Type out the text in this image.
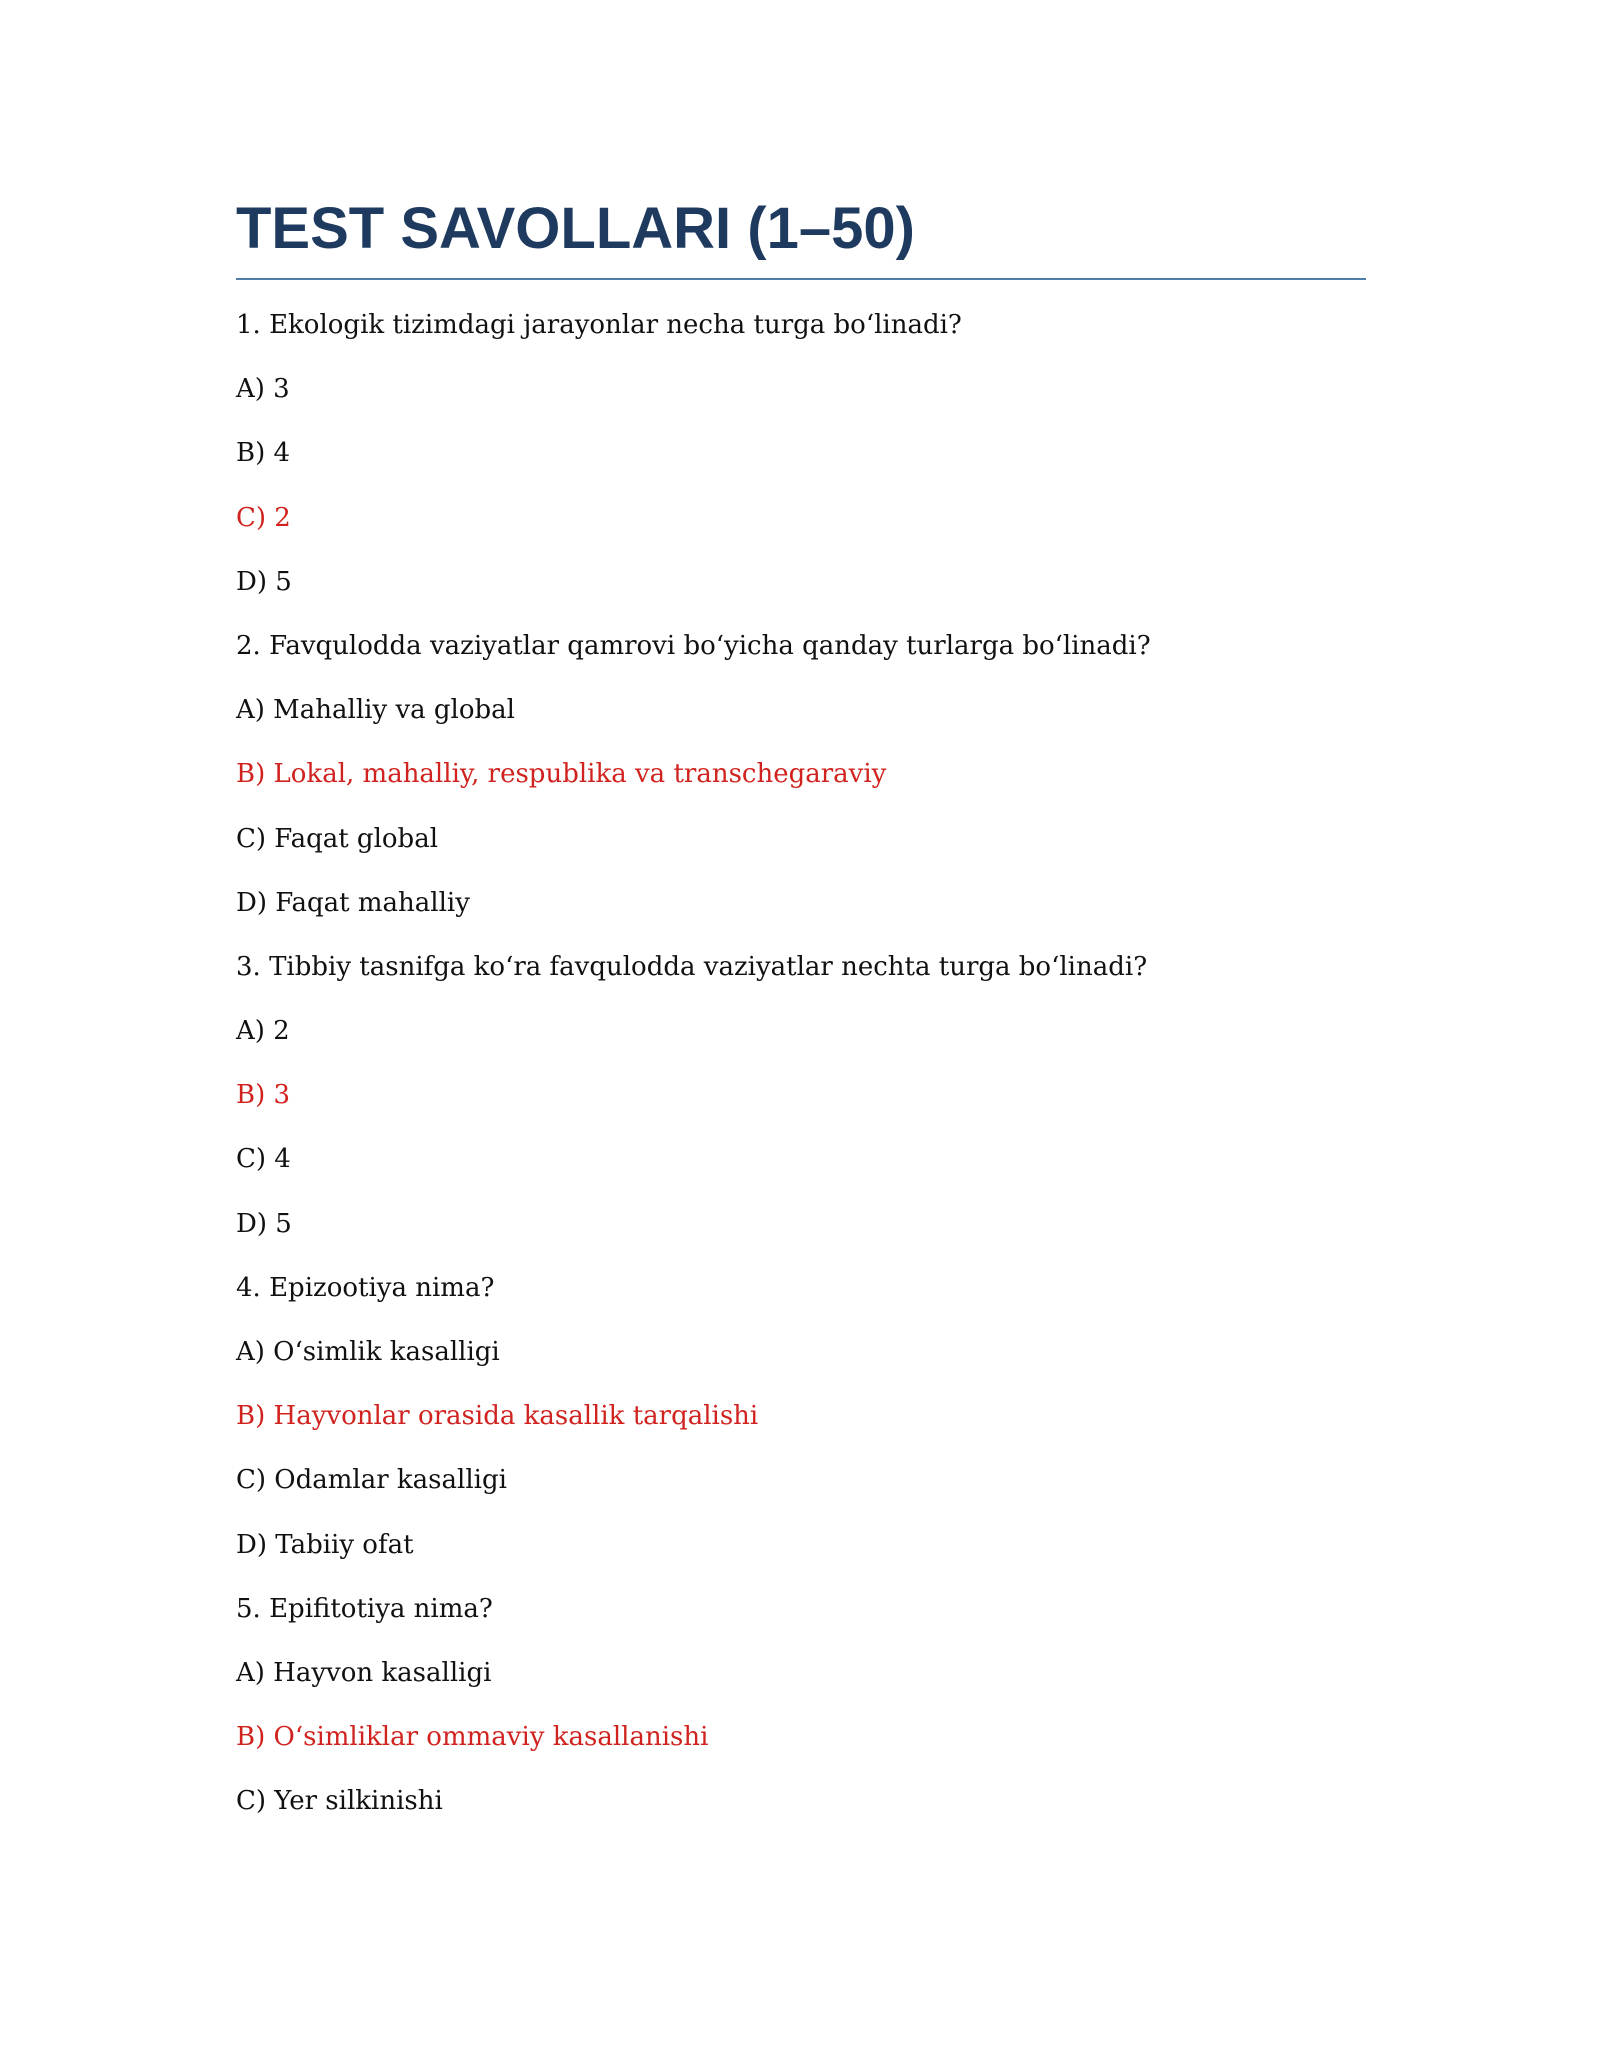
TEST SAVOLLARI (1–50)

1. Ekologik tizimdagi jarayonlar necha turga bo‘linadi?

A) 3

B) 4

C) 2

D) 5

2. Favqulodda vaziyatlar qamrovi bo‘yicha qanday turlarga bo‘linadi?

A) Mahalliy va global

B) Lokal, mahalliy, respublika va transchegaraviy

C) Faqat global

D) Faqat mahalliy

3. Tibbiy tasnifga ko‘ra favqulodda vaziyatlar nechta turga bo‘linadi?

A) 2

B) 3

C) 4

D) 5

4. Epizootiya nima?

A) O‘simlik kasalligi

B) Hayvonlar orasida kasallik tarqalishi

C) Odamlar kasalligi

D) Tabiiy ofat

5. Epifitotiya nima?

A) Hayvon kasalligi

B) O‘simliklar ommaviy kasallanishi

C) Yer silkinishi
